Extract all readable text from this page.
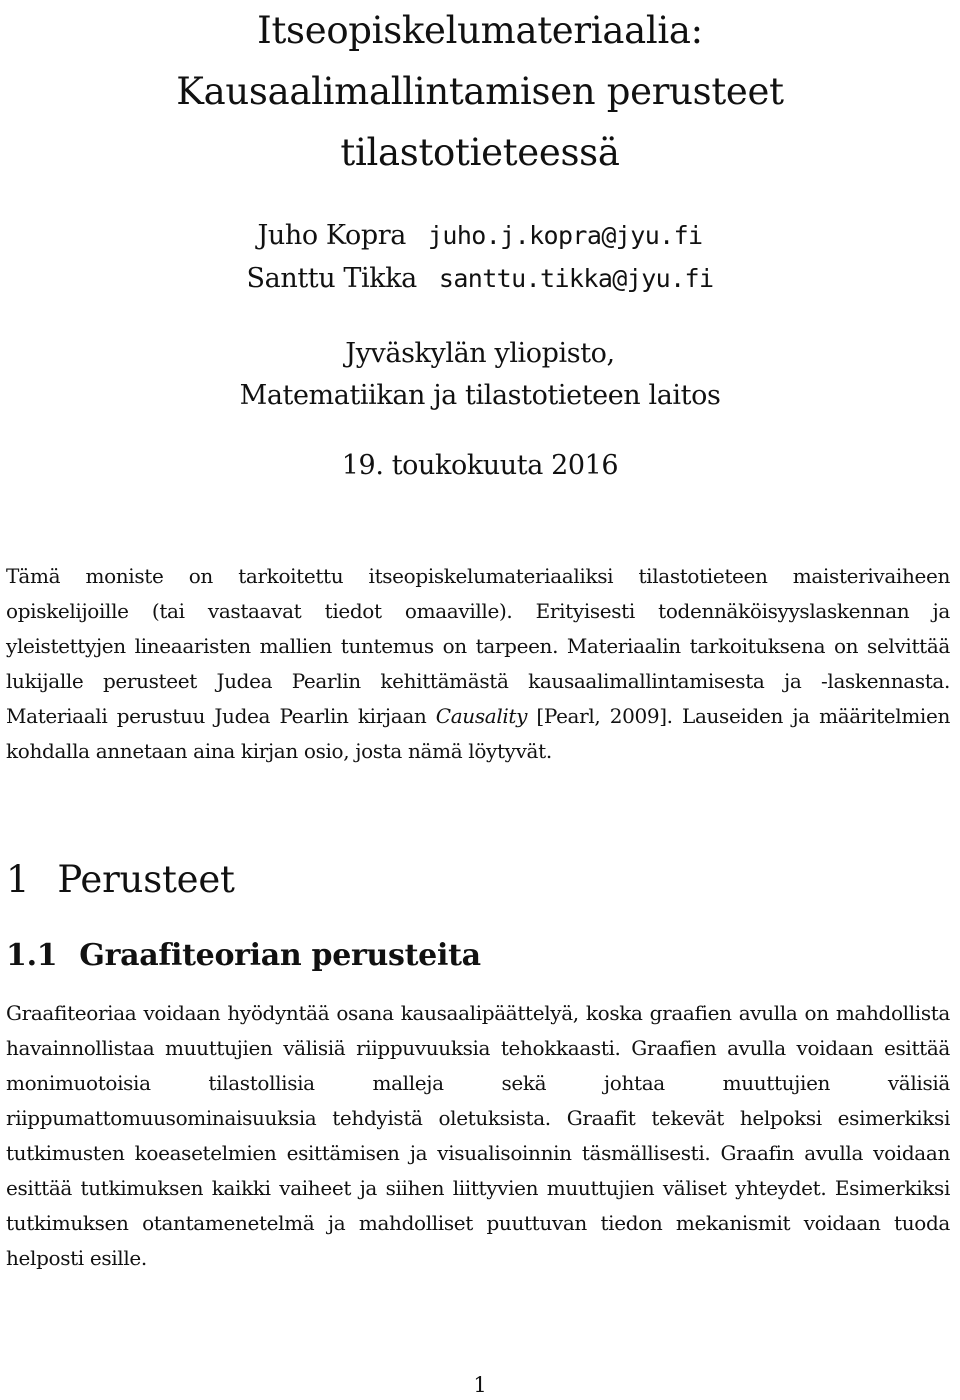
Itseopiskelumateriaalia:
Kausaalimallintamisen perusteet
tilastotieteessä
Juho Kopra juho.j.kopra@jyu.fi
Santtu Tikka santtu.tikka@jyu.fi
Jyväskylän yliopisto,
Matematiikan ja tilastotieteen laitos
19. toukokuuta 2016

Tämä moniste on tarkoitettu itseopiskelumateriaaliksi tilastotieteen maisterivaiheen opiskelijoille (tai vastaavat tiedot omaaville). Erityisesti todennäköisyyslaskennan ja yleistettyjen lineaaristen mallien tuntemus on tarpeen. Materiaalin tarkoituksena on selvittää lukijalle perusteet Judea Pearlin kehittämästä kausaalimallintamisesta ja -laskennasta. Materiaali perustuu Judea Pearlin kirjaan Causality [Pearl, 2009]. Lauseiden ja määritelmien kohdalla annetaan aina kirjan osio, josta nämä löytyvät.

1 Perusteet
1.1 Graafiteorian perusteita

Graafiteoriaa voidaan hyödyntää osana kausaalipäättelyä, koska graafien avulla on mahdollista havainnollistaa muuttujien välisiä riippuvuuksia tehokkaasti. Graafien avulla voidaan esittää monimuotoisia tilastollisia malleja sekä johtaa muuttujien välisiä riippumattomuusominaisuuksia tehdyistä oletuksista. Graafit tekevät helpoksi esimerkiksi tutkimusten koeasetelmien esittämisen ja visualisoinnin täsmällisesti. Graafin avulla voidaan esittää tutkimuksen kaikki vaiheet ja siihen liittyvien muuttujien väliset yhteydet. Esimerkiksi tutkimuksen otantamenetelmä ja mahdolliset puuttuvan tiedon mekanismit voidaan tuoda helposti esille.

1
